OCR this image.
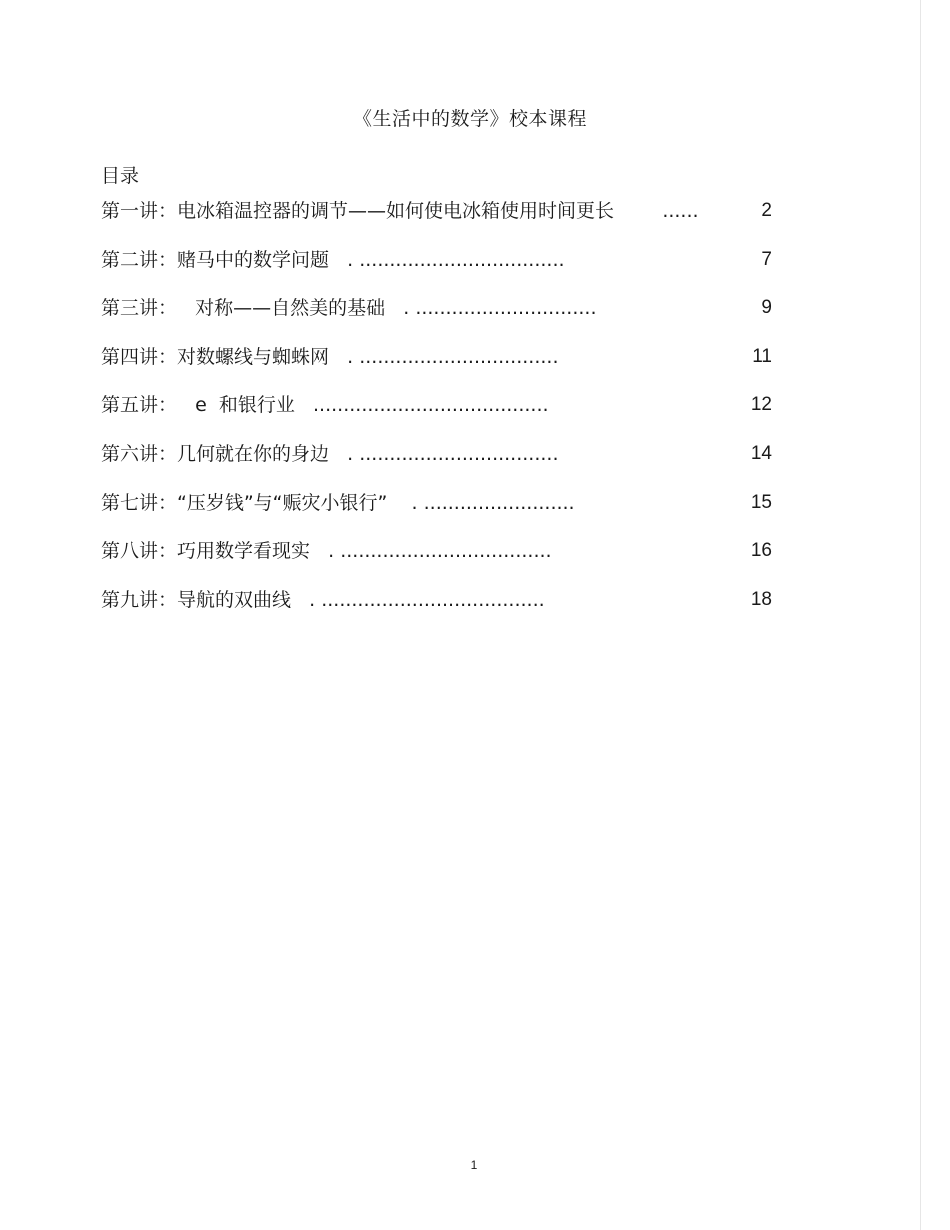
《生活中的数学》校本课程
目录
第一讲：电冰箱温控器的调节——如何使电冰箱使用时间更长        ......	2
第二讲：赌马中的数学问题   . ..................................	7
第三讲：   对称——自然美的基础   . ..............................	9
第四讲：对数螺线与蜘蛛网   . .................................	11
第五讲：   e  和银行业   .......................................	12
第六讲：几何就在你的身边   . .................................	14
第七讲：“压岁钱”与“赈灾小银行”    . .........................	15
第八讲：巧用数学看现实   . ...................................	16
第九讲：导航的双曲线   . .....................................	18
1
